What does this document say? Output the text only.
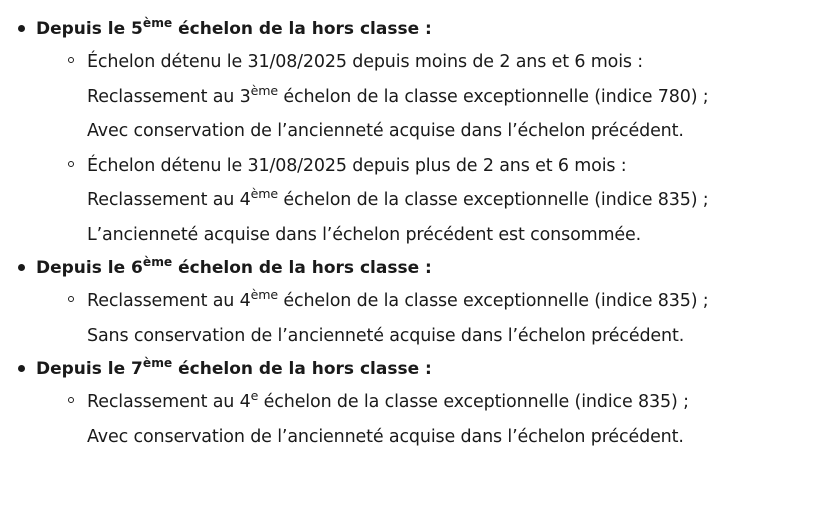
Depuis le 5ème échelon de la hors classe :
Échelon détenu le 31/08/2025 depuis moins de 2 ans et 6 mois :
Reclassement au 3ème échelon de la classe exceptionnelle (indice 780) ;
Avec conservation de l’ancienneté acquise dans l’échelon précédent.
Échelon détenu le 31/08/2025 depuis plus de 2 ans et 6 mois :
Reclassement au 4ème échelon de la classe exceptionnelle (indice 835) ;
L’ancienneté acquise dans l’échelon précédent est consommée.
Depuis le 6ème échelon de la hors classe :
Reclassement au 4ème échelon de la classe exceptionnelle (indice 835) ;
Sans conservation de l’ancienneté acquise dans l’échelon précédent.
Depuis le 7ème échelon de la hors classe :
Reclassement au 4e échelon de la classe exceptionnelle (indice 835) ;
Avec conservation de l’ancienneté acquise dans l’échelon précédent.
